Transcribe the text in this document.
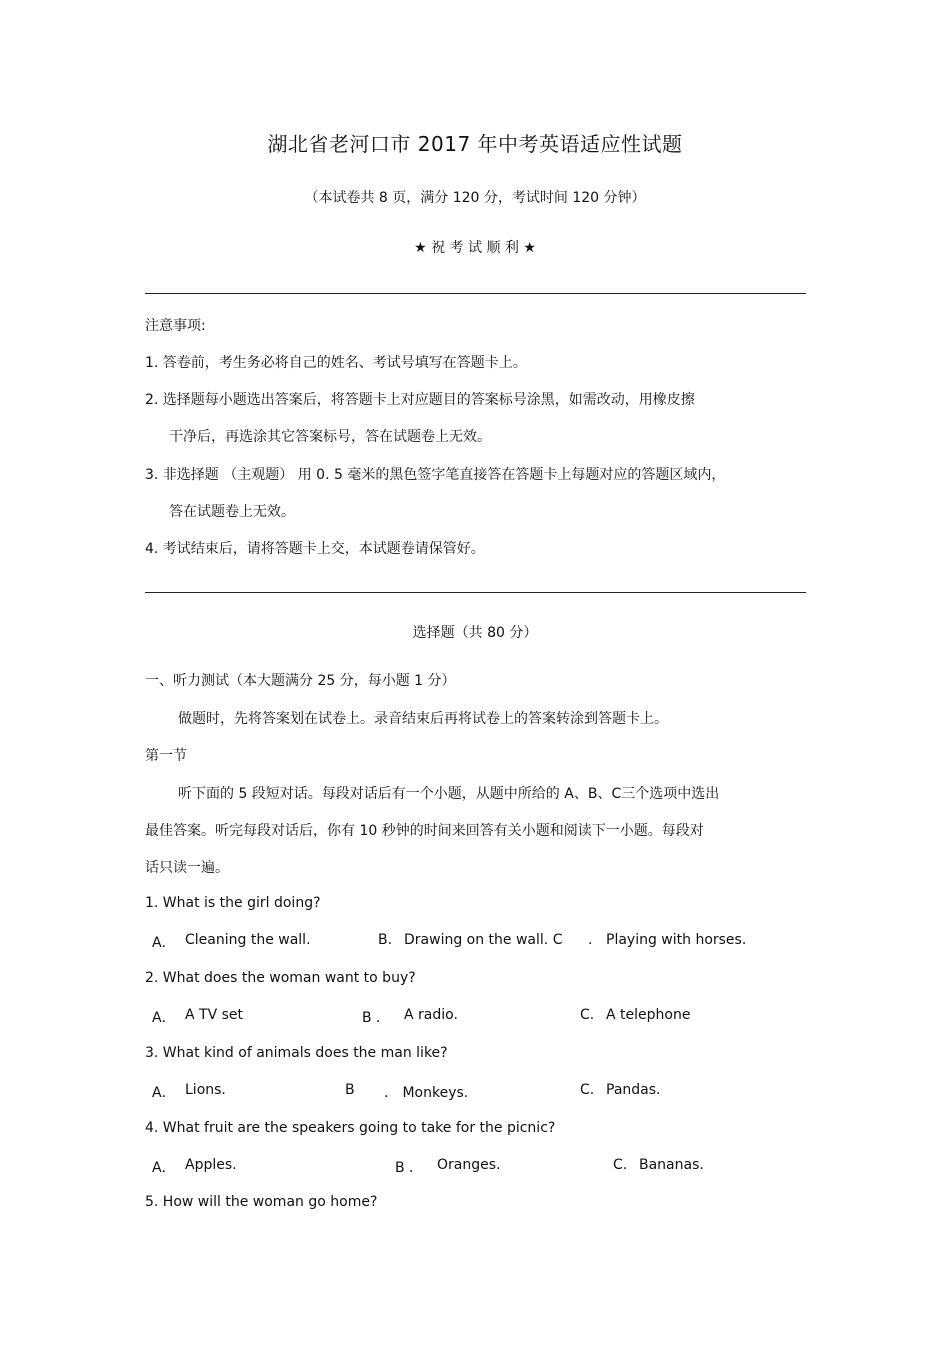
湖北省老河口市 2017 年中考英语适应性试题
（本试卷共 8 页，满分 120 分，考试时间 120 分钟）
★ 祝 考 试 顺 利 ★
注意事项:
1. 答卷前，考生务必将自己的姓名、考试号填写在答题卡上。
2. 选择题每小题选出答案后，将答题卡上对应题目的答案标号涂黑，如需改动，用橡皮擦
干净后，再选涂其它答案标号，答在试题卷上无效。
3. 非选择题 （主观题） 用 0. 5 毫米的黑色签字笔直接答在答题卡上每题对应的答题区域内，
答在试题卷上无效。
4. 考试结束后，请将答题卡上交，本试题卷请保管好。
选择题（共 80 分）
一、听力测试（本大题满分 25 分，每小题 1 分）
做题时，先将答案划在试卷上。录音结束后再将试卷上的答案转涂到答题卡上。
第一节
听下面的 5 段短对话。每段对话后有一个小题，从题中所给的 A、B、C三个选项中选出
最佳答案。听完每段对话后，你有 10 秒钟的时间来回答有关小题和阅读下一小题。每段对
话只读一遍。
1. What is the girl doing?
A． Cleaning the wall.	B. Drawing on the wall. C . Playing with horses.
2. What does the woman want to buy?
A． A TV set	B ． A radio.	C. A telephone
3. What kind of animals does the man like?
A． Lions.	B ． Monkeys.	C. Pandas.
4. What fruit are the speakers going to take for the picnic?
A． Apples.	B ． Oranges.	C. Bananas.
5. How will the woman go home?
